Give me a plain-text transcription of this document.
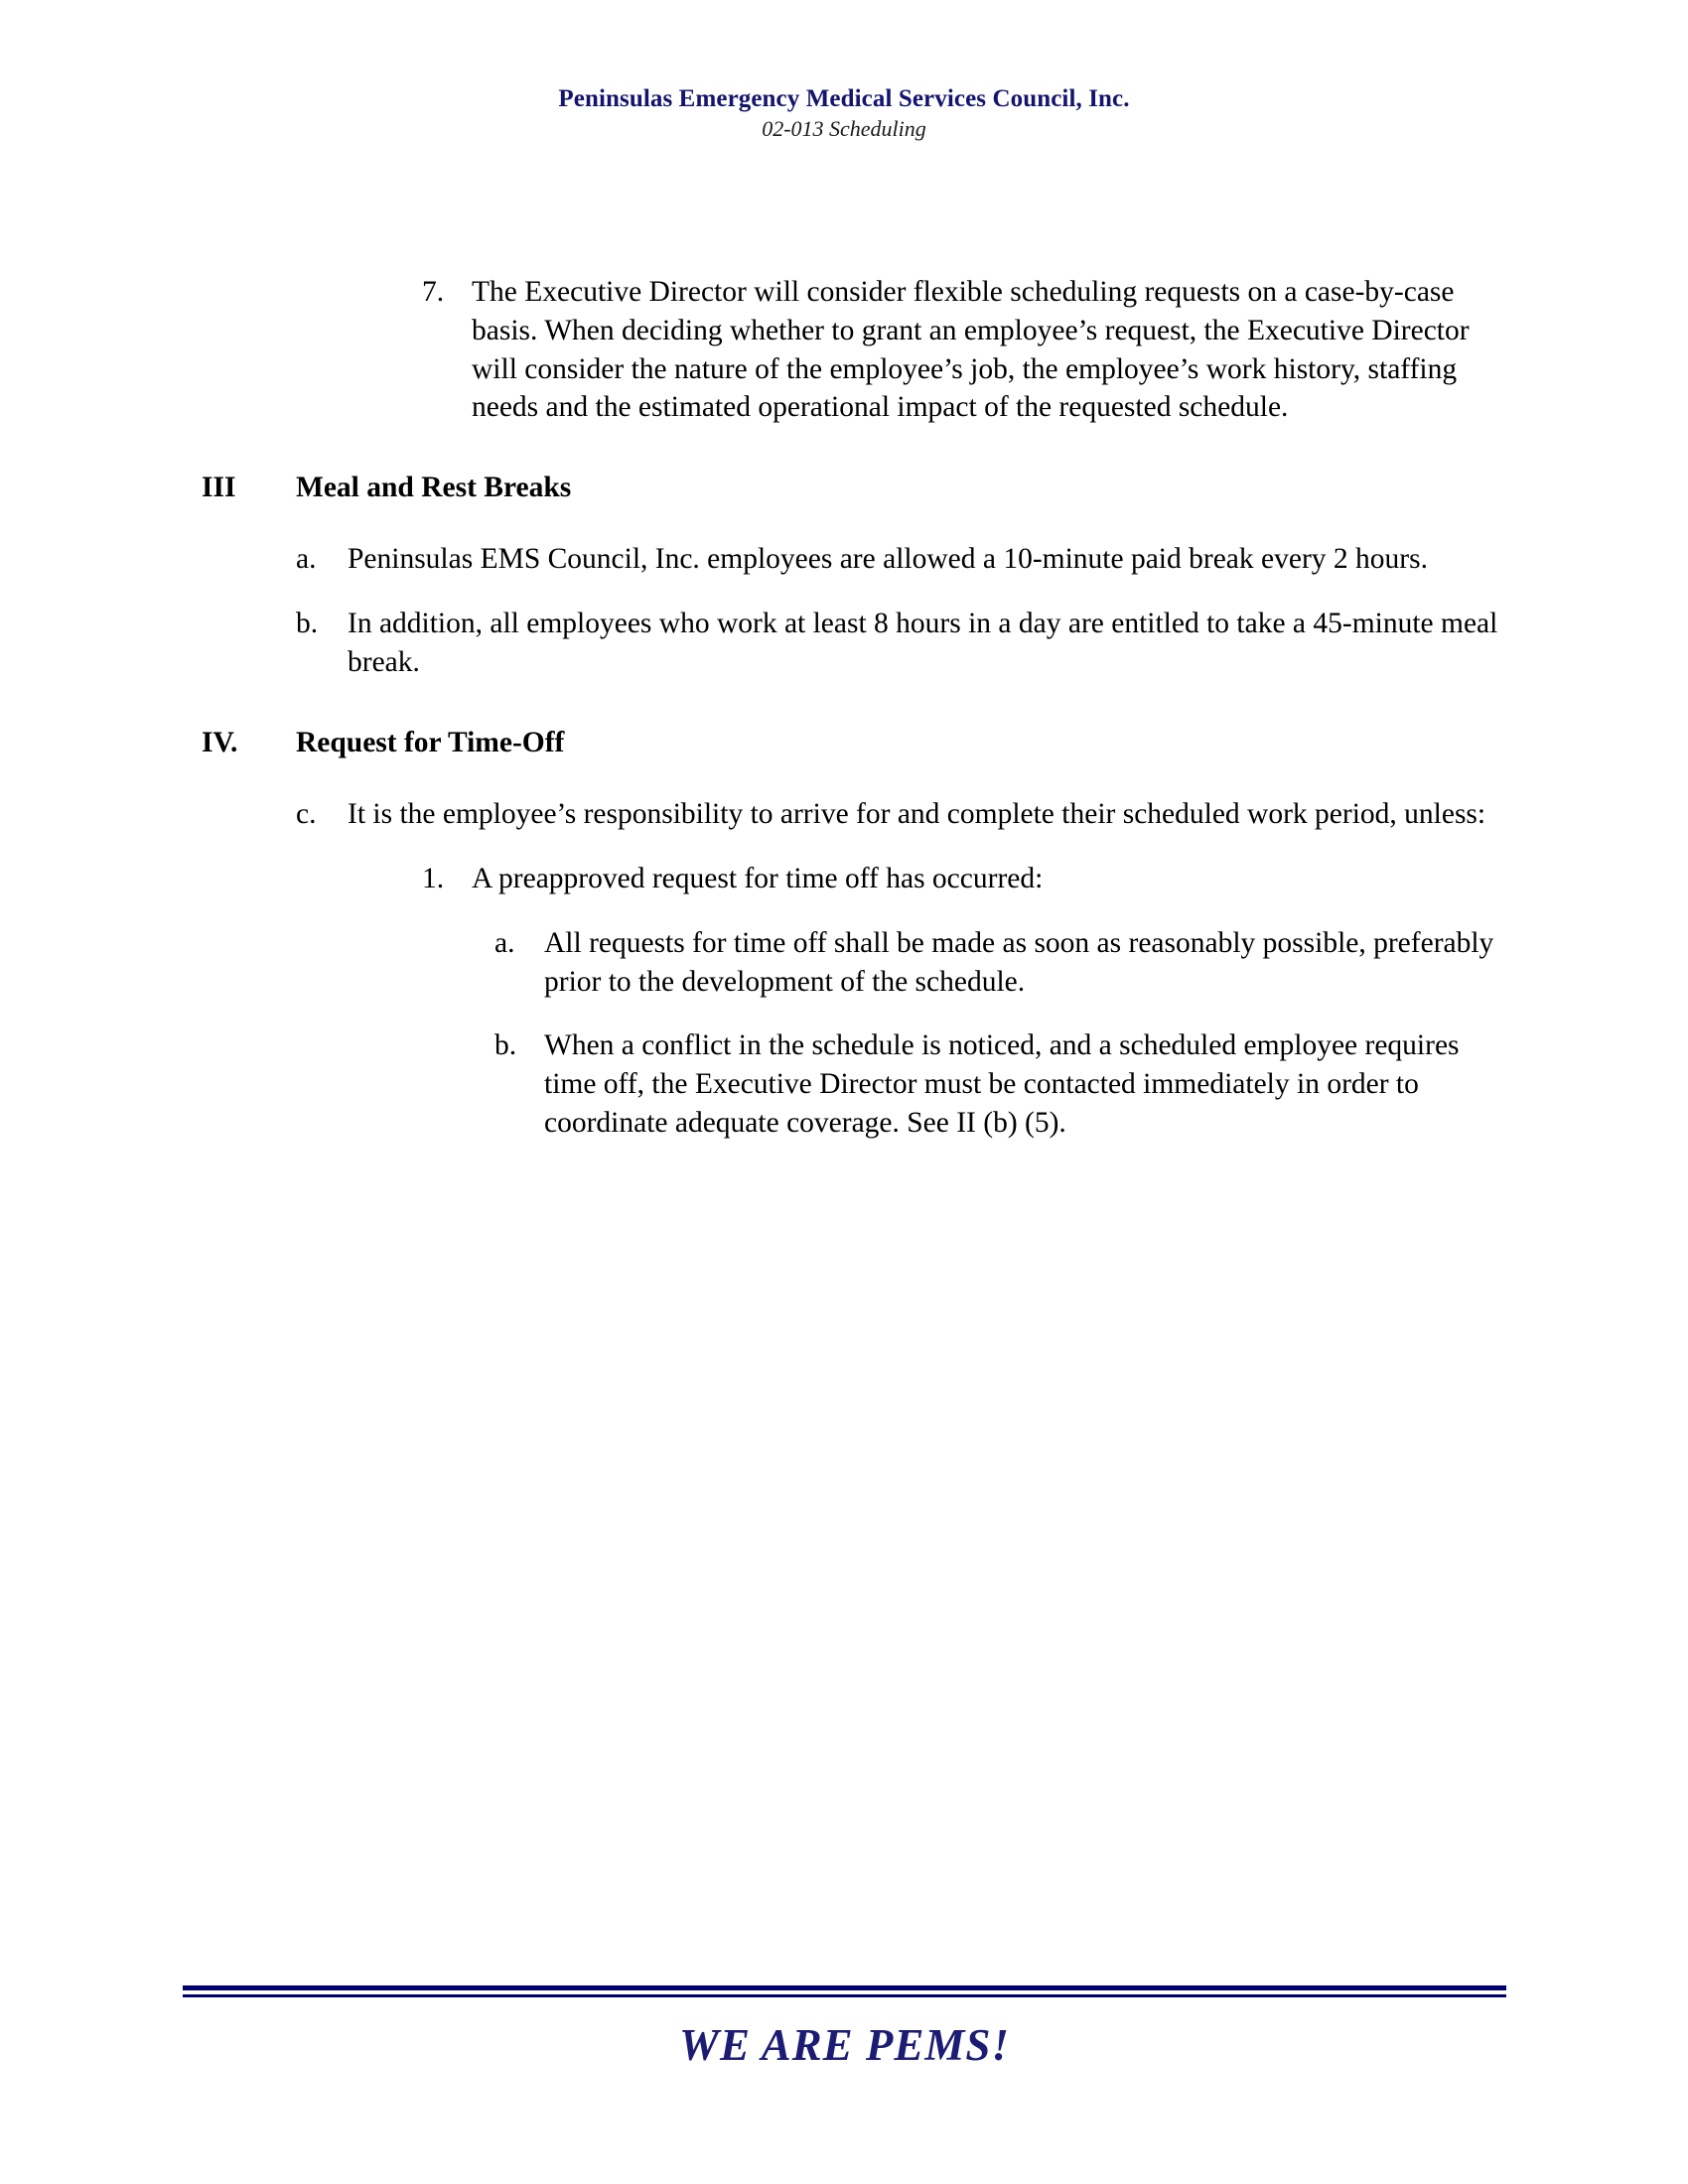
Peninsulas Emergency Medical Services Council, Inc.
02-013 Scheduling
7. The Executive Director will consider flexible scheduling requests on a case-by-case basis. When deciding whether to grant an employee’s request, the Executive Director will consider the nature of the employee’s job, the employee’s work history, staffing needs and the estimated operational impact of the requested schedule.
III	Meal and Rest Breaks
a.	Peninsulas EMS Council, Inc. employees are allowed a 10-minute paid break every 2 hours.
b.	In addition, all employees who work at least 8 hours in a day are entitled to take a 45-minute meal break.
IV.	Request for Time-Off
c.	It is the employee’s responsibility to arrive for and complete their scheduled work period, unless:
1. A preapproved request for time off has occurred:
a.	All requests for time off shall be made as soon as reasonably possible, preferably prior to the development of the schedule.
b. When a conflict in the schedule is noticed, and a scheduled employee requires time off, the Executive Director must be contacted immediately in order to coordinate adequate coverage. See II (b) (5).
WE ARE PEMS!
